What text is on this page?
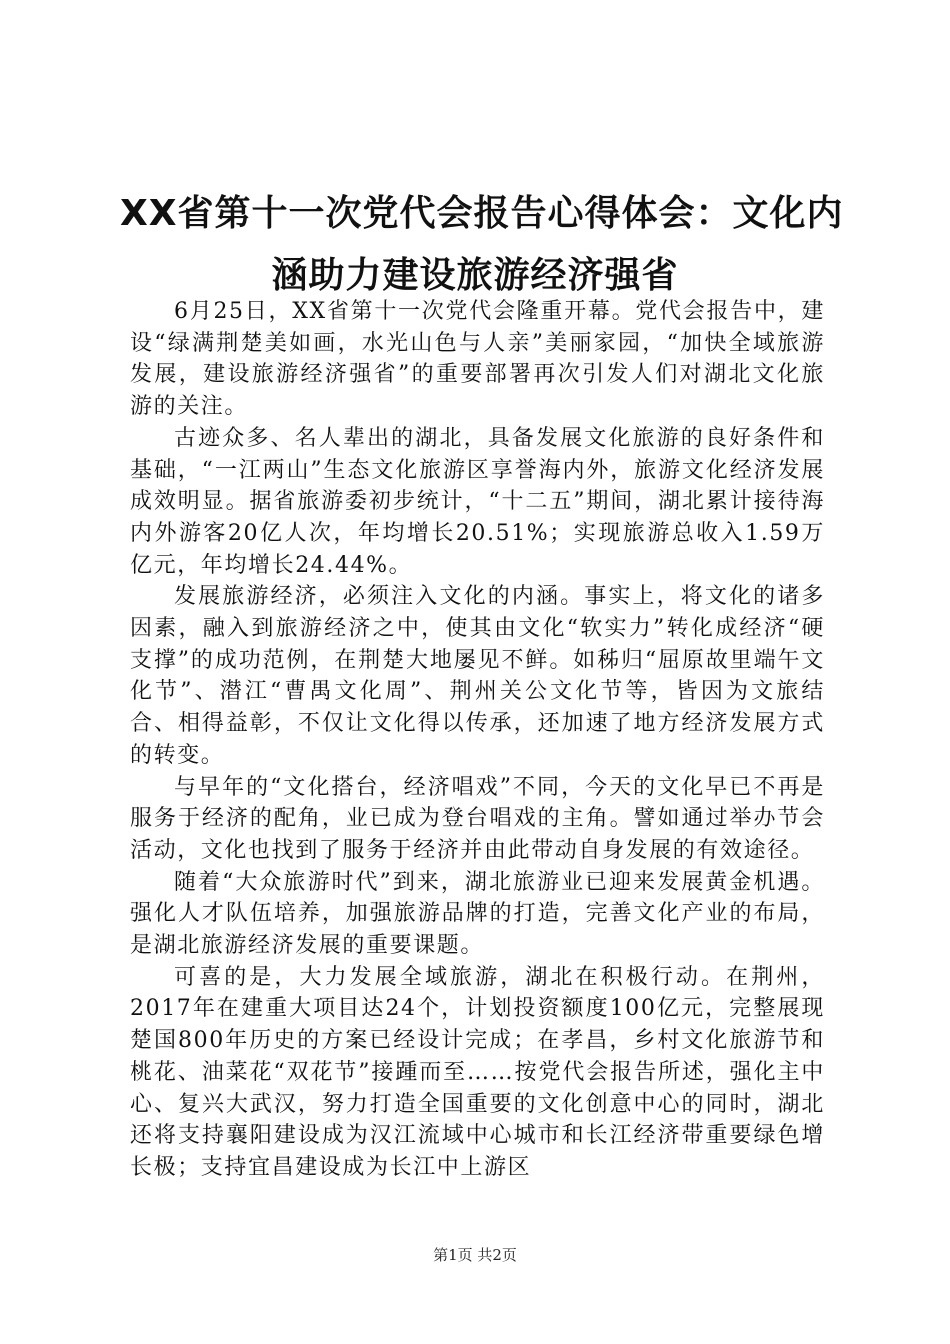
XX省第十一次党代会报告心得体会：文化内
涵助力建设旅游经济强省

6月25日，XX省第十一次党代会隆重开幕。党代会报告中，建设“绿满荆楚美如画，水光山色与人亲”美丽家园，“加快全域旅游发展，建设旅游经济强省”的重要部署再次引发人们对湖北文化旅游的关注。

古迹众多、名人辈出的湖北，具备发展文化旅游的良好条件和基础，“一江两山”生态文化旅游区享誉海内外，旅游文化经济发展成效明显。据省旅游委初步统计，“十二五”期间，湖北累计接待海内外游客20亿人次，年均增长20.51%；实现旅游总收入1.59万亿元，年均增长24.44%。

发展旅游经济，必须注入文化的内涵。事实上，将文化的诸多因素，融入到旅游经济之中，使其由文化“软实力”转化成经济“硬支撑”的成功范例，在荆楚大地屡见不鲜。如秭归“屈原故里端午文化节”、潜江“曹禺文化周”、荆州关公文化节等，皆因为文旅结合、相得益彰，不仅让文化得以传承，还加速了地方经济发展方式的转变。

与早年的“文化搭台，经济唱戏”不同，今天的文化早已不再是服务于经济的配角，业已成为登台唱戏的主角。譬如通过举办节会活动，文化也找到了服务于经济并由此带动自身发展的有效途径。

随着“大众旅游时代”到来，湖北旅游业已迎来发展黄金机遇。强化人才队伍培养，加强旅游品牌的打造，完善文化产业的布局，是湖北旅游经济发展的重要课题。

可喜的是，大力发展全域旅游，湖北在积极行动。在荆州，2017年在建重大项目达24个，计划投资额度100亿元，完整展现楚国800年历史的方案已经设计完成；在孝昌，乡村文化旅游节和桃花、油菜花“双花节”接踵而至……按党代会报告所述，强化主中心、复兴大武汉，努力打造全国重要的文化创意中心的同时，湖北还将支持襄阳建设成为汉江流域中心城市和长江经济带重要绿色增长极；支持宜昌建设成为长江中上游区

第1页 共2页
